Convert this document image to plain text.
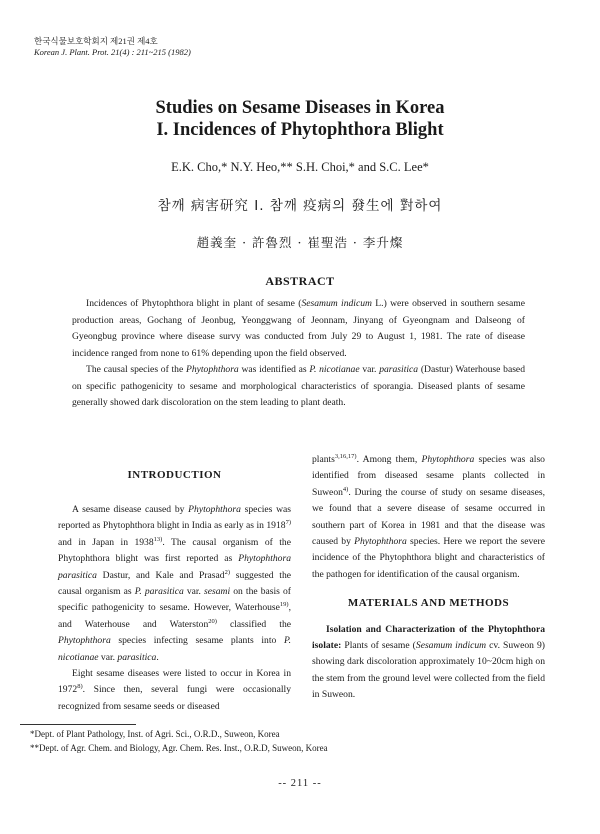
한국식물보호학회지 제21권 제4호
Korean J. Plant. Prot. 21(4) : 211~215 (1982)
Studies on Sesame Diseases in Korea
I. Incidences of Phytophthora Blight
E.K. Cho,* N.Y. Heo,** S.H. Choi,* and S.C. Lee*
참깨 病害研究 I. 참깨 疫病의 發生에 對하여
趙義奎 · 許魯烈 · 崔聖浩 · 李升燦
ABSTRACT

Incidences of Phytophthora blight in plant of sesame (Sesamum indicum L.) were observed in southern sesame production areas, Gochang of Jeonbug, Yeonggwang of Jeonnam, Jinyang of Gyeongnam and Dalseong of Gyeongbug province where disease survy was conducted from July 29 to August 1, 1981. The rate of disease incidence ranged from none to 61% depending upon the field observed.

The causal species of the Phytophthora was identified as P. nicotianae var. parasitica (Dastur) Waterhouse based on specific pathogenicity to sesame and morphological characteristics of sporangia. Diseased plants of sesame generally showed dark discoloration on the stem leading to plant death.

INTRODUCTION

A sesame disease caused by Phytophthora species was reported as Phytophthora blight in India as early as in 1918$^{7)}$ and in Japan in 1938$^{13)}$. The causal organism of the Phytophthora blight was first reported as Phytophthora parasitica Dastur, and Kale and Prasad$^{2)}$ suggested the causal organism as P. parasitica var. sesami on the basis of specific pathogenicity to sesame. However, Waterhouse$^{19)}$, and Waterhouse and Waterston$^{20)}$ classified the Phytophthora species infecting sesame plants into P. nicotianae var. parasitica.

Eight sesame diseases were listed to occur in Korea in 1972$^{8)}$. Since then, several fungi were occasionally recognized from sesame seeds or diseased

plants$^{3,16,17)}$. Among them, Phytophthora species was also identified from diseased sesame plants collected in Suweon$^{4)}$. During the course of study on sesame diseases, we found that a severe disease of sesame occurred in southern part of Korea in 1981 and that the disease was caused by Phytophthora species. Here we report the severe incidence of the Phytophthora blight and characteristics of the pathogen for identification of the causal organism.

MATERIALS AND METHODS

Isolation and Characterization of the Phytophthora isolate: Plants of sesame (Sesamum indicum cv. Suweon 9) showing dark discoloration approximately 10~20cm high on the stem from the ground level were collected from the field in Suweon.

*Dept. of Plant Pathology, Inst. of Agri. Sci., O.R.D., Suweon, Korea
**Dept. of Agr. Chem. and Biology, Agr. Chem. Res. Inst., O.R.D, Suweon, Korea
-- 211 --
